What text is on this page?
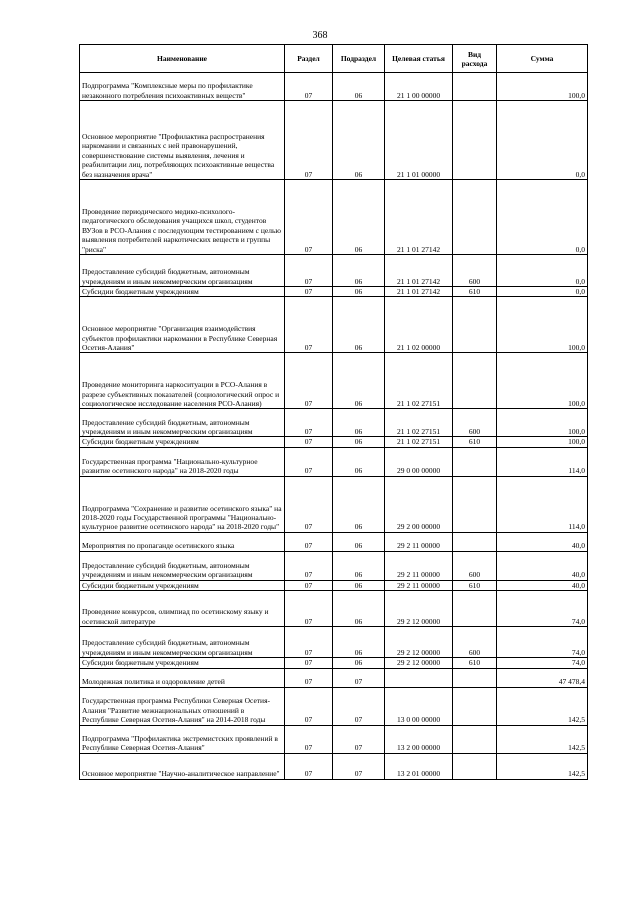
368
Наименование	Раздел	Подраздел	Целевая статья	Вид расхода	Сумма
Подпрограмма "Комплексные меры по профилактике незаконного потребления психоактивных веществ"	07	06	21 1 00 00000		100,0
Основное мероприятие "Профилактика распространения наркомании и связанных с ней правонарушений, совершенствование системы выявления, лечения и реабилитации лиц, потребляющих психоактивные вещества без назначения врача"	07	06	21 1 01 00000		0,0
Проведение периодического медико-психолого-педагогического обследования учащихся школ, студентов ВУЗов в РСО-Алания с последующим тестированием с целью выявления потребителей наркотических веществ и группы "риска"	07	06	21 1 01 27142		0,0
Предоставление субсидий бюджетным, автономным учреждениям и иным некоммерческим организациям	07	06	21 1 01 27142	600	0,0
Субсидии бюджетным учреждениям	07	06	21 1 01 27142	610	0,0
Основное мероприятие "Организация взаимодействия субъектов профилактики наркомании в Республике Северная Осетия-Алания"	07	06	21 1 02 00000		100,0
Проведение мониторинга наркоситуации в РСО-Алания в разрезе субъективных показателей (социологический опрос и социологическое исследование населения РСО-Алания)	07	06	21 1 02 27151		100,0
Предоставление субсидий бюджетным, автономным учреждениям и иным некоммерческим организациям	07	06	21 1 02 27151	600	100,0
Субсидии бюджетным учреждениям	07	06	21 1 02 27151	610	100,0
Государственная программа "Национально-культурное развитие осетинского народа" на 2018-2020 годы	07	06	29 0 00 00000		114,0
Подпрограмма "Сохранение и развитие осетинского языка" на 2018-2020 годы Государственной программы "Национально-культурное развитие осетинского народа" на 2018-2020 годы"	07	06	29 2 00 00000		114,0
Мероприятия по пропаганде осетинского языка	07	06	29 2 11 00000		40,0
Предоставление субсидий бюджетным, автономным учреждениям и иным некоммерческим организациям	07	06	29 2 11 00000	600	40,0
Субсидии бюджетным учреждениям	07	06	29 2 11 00000	610	40,0
Проведение конкурсов, олимпиад по осетинскому языку и осетинской литературе	07	06	29 2 12 00000		74,0
Предоставление субсидий бюджетным, автономным учреждениям и иным некоммерческим организациям	07	06	29 2 12 00000	600	74,0
Субсидии бюджетным учреждениям	07	06	29 2 12 00000	610	74,0
Молодежная политика и оздоровление детей	07	07			47 478,4
Государственная программа Республики Северная Осетия-Алания "Развитие межнациональных отношений в Республике Северная Осетия-Алания" на 2014-2018 годы	07	07	13 0 00 00000		142,5
Подпрограмма "Профилактика экстремистских проявлений в Республике Северная Осетия-Алания"	07	07	13 2 00 00000		142,5
Основное мероприятие "Научно-аналитическое направление"	07	07	13 2 01 00000		142,5
